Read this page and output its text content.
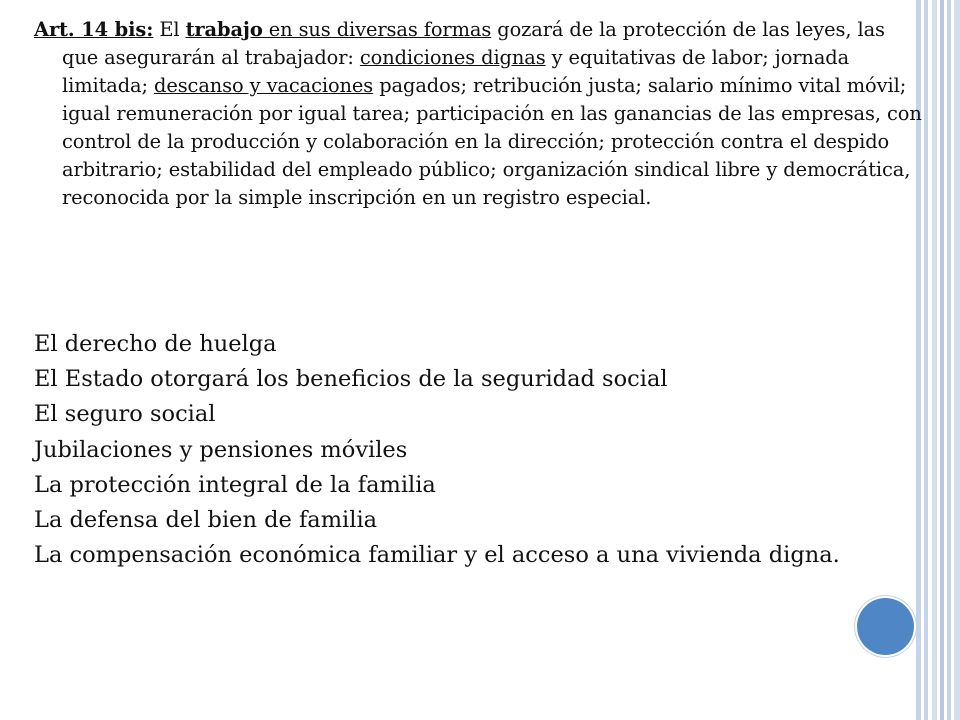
Art. 14 bis: El trabajo en sus diversas formas gozará de la protección de las leyes, las que asegurarán al trabajador: condiciones dignas y equitativas de labor; jornada limitada; descanso y vacaciones pagados; retribución justa; salario mínimo vital móvil; igual remuneración por igual tarea; participación en las ganancias de las empresas, con control de la producción y colaboración en la dirección; protección contra el despido arbitrario; estabilidad del empleado público; organización sindical libre y democrática, reconocida por la simple inscripción en un registro especial.
El derecho de huelga
El Estado otorgará los beneficios de la seguridad social
El seguro social
Jubilaciones y pensiones móviles
La protección integral de la familia
La defensa del bien de familia
La compensación económica familiar y el acceso a una vivienda digna.
